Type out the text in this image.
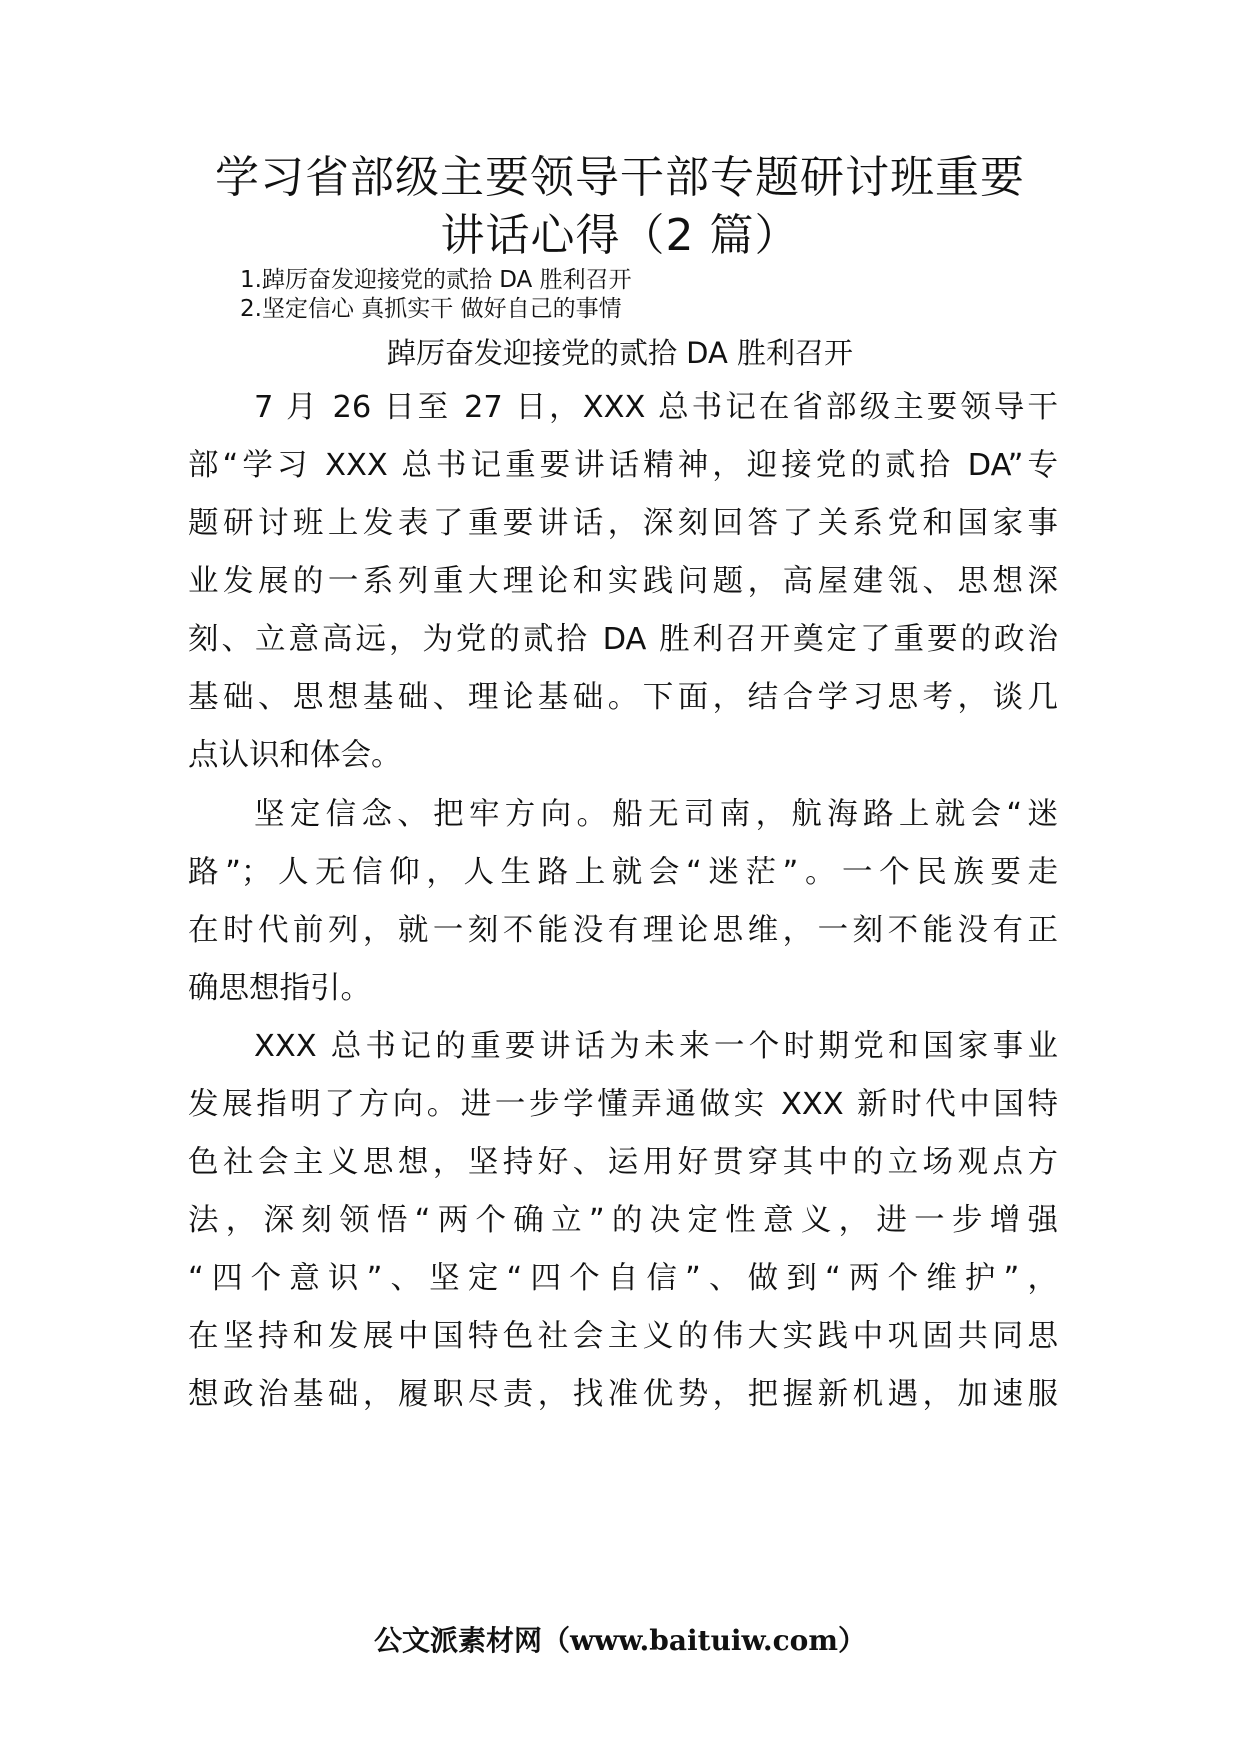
学习省部级主要领导干部专题研讨班重要
讲话心得（2 篇）
1.踔厉奋发迎接党的贰拾 DA 胜利召开
2.坚定信心 真抓实干 做好自己的事情
踔厉奋发迎接党的贰拾 DA 胜利召开
7 月 26 日至 27 日，XXX 总书记在省部级主要领导干
部“学习 XXX 总书记重要讲话精神，迎接党的贰拾 DA”专
题研讨班上发表了重要讲话，深刻回答了关系党和国家事
业发展的一系列重大理论和实践问题，高屋建瓴、思想深
刻、立意高远，为党的贰拾 DA 胜利召开奠定了重要的政治
基础、思想基础、理论基础。下面，结合学习思考，谈几
点认识和体会。
坚定信念、把牢方向。船无司南，航海路上就会“迷
路”；人无信仰，人生路上就会“迷茫”。一个民族要走
在时代前列，就一刻不能没有理论思维，一刻不能没有正
确思想指引。
XXX 总书记的重要讲话为未来一个时期党和国家事业
发展指明了方向。进一步学懂弄通做实 XXX 新时代中国特
色社会主义思想，坚持好、运用好贯穿其中的立场观点方
法，深刻领悟“两个确立”的决定性意义，进一步增强
“四个意识”、坚定“四个自信”、做到“两个维护”，
在坚持和发展中国特色社会主义的伟大实践中巩固共同思
想政治基础，履职尽责，找准优势，把握新机遇，加速服
公文派素材网（www.baituiw.com）
